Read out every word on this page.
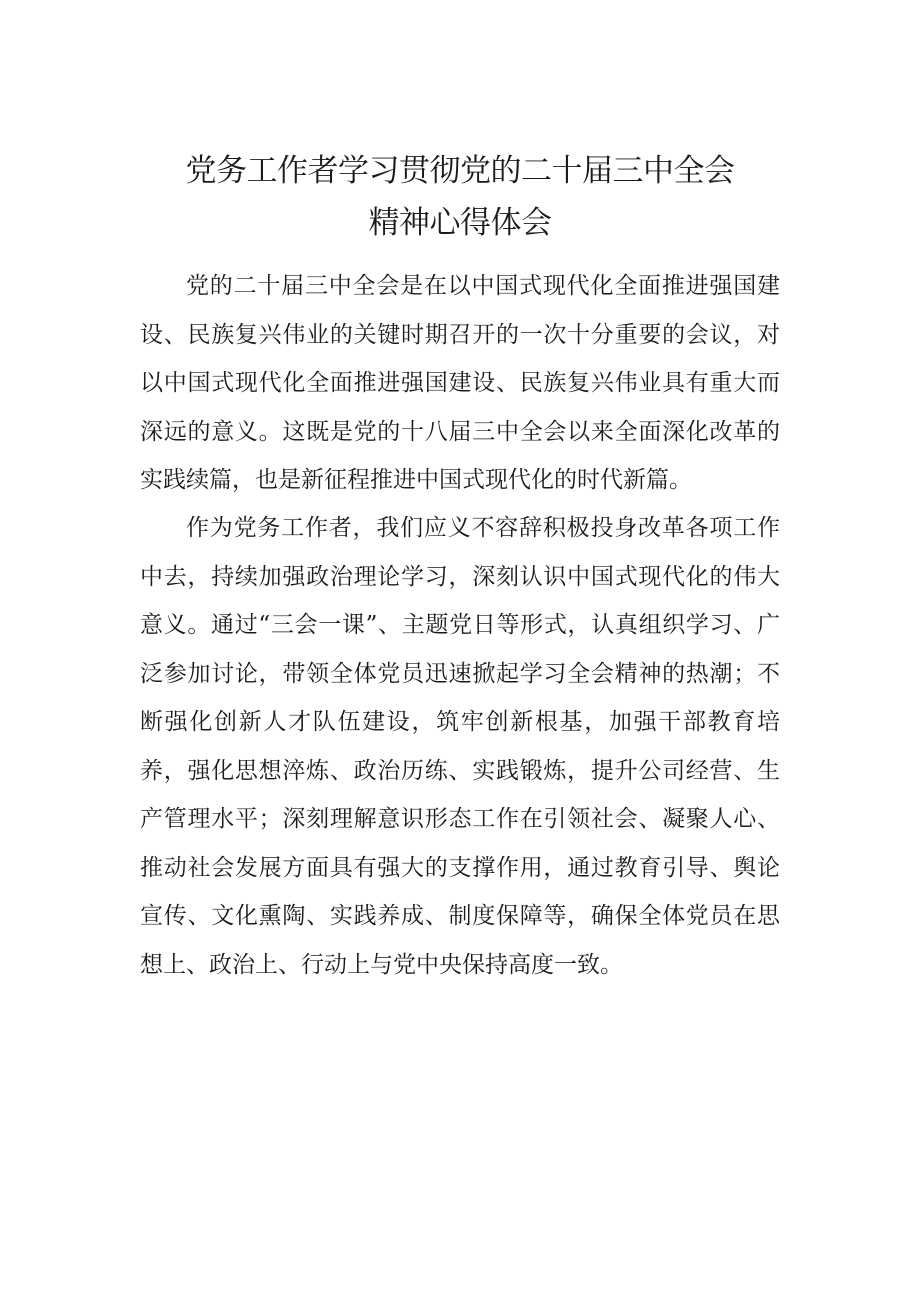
党务工作者学习贯彻党的二十届三中全会
精神心得体会

党的二十届三中全会是在以中国式现代化全面推进强国建设、民族复兴伟业的关键时期召开的一次十分重要的会议，对以中国式现代化全面推进强国建设、民族复兴伟业具有重大而深远的意义。这既是党的十八届三中全会以来全面深化改革的实践续篇，也是新征程推进中国式现代化的时代新篇。

作为党务工作者，我们应义不容辞积极投身改革各项工作中去，持续加强政治理论学习，深刻认识中国式现代化的伟大意义。通过“三会一课”、主题党日等形式，认真组织学习、广泛参加讨论，带领全体党员迅速掀起学习全会精神的热潮；不断强化创新人才队伍建设，筑牢创新根基，加强干部教育培养，强化思想淬炼、政治历练、实践锻炼，提升公司经营、生产管理水平；深刻理解意识形态工作在引领社会、凝聚人心、推动社会发展方面具有强大的支撑作用，通过教育引导、舆论宣传、文化熏陶、实践养成、制度保障等，确保全体党员在思想上、政治上、行动上与党中央保持高度一致。
